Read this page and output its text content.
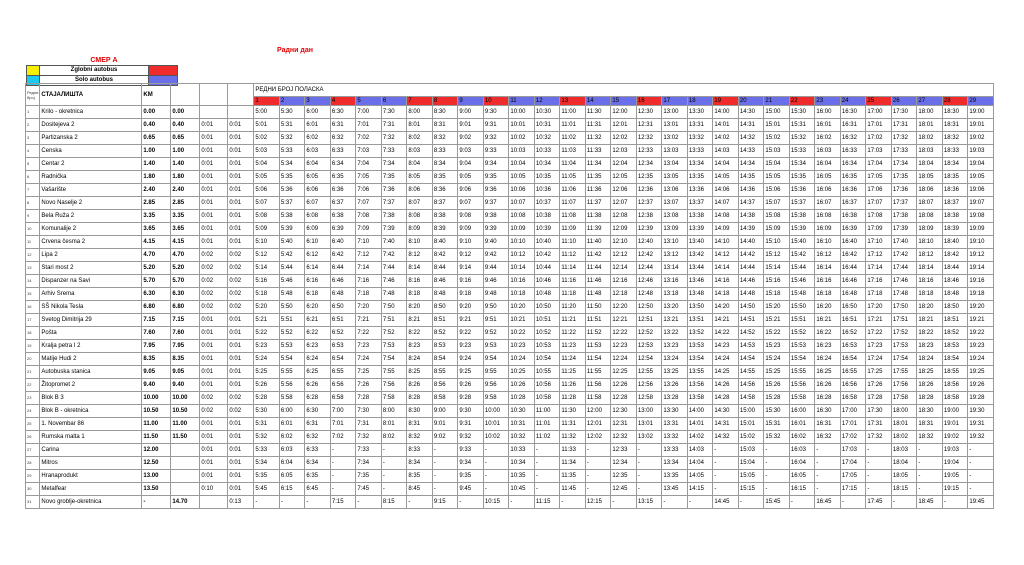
Радни дан
СМЕР А
	Zglobni autobus	
	Solo autobus	
Редни број	СТАЈАЛИШТА	KM				РЕДНИ БРОЈ ПОЛАСКА																												
						1	2	3	4	5	6	7	8	9	10	11	12	13	14	15	16	17	18	19	20	21	22	23	24	25	26	27	28	29
1	Krilo - okretnica	0.00	0.00			5:00	5:30	6:00	6:30	7:00	7:30	8:00	8:30	9:00	9:30	10:00	10:30	11:00	11:30	12:00	12:30	13:00	13:30	14:00	14:30	15:00	15:30	16:00	16:30	17:00	17:30	18:00	18:30	19:00
2	Dositejeva 2	0.40	0.40	0:01	0:01	5:01	5:31	6:01	6:31	7:01	7:31	8:01	8:31	9:01	9:31	10:01	10:31	11:01	11:31	12:01	12:31	13:01	13:31	14:01	14:31	15:01	15:31	16:01	16:31	17:01	17:31	18:01	18:31	19:01
3	Partizanska 2	0.65	0.65	0:01	0:01	5:02	5:32	6:02	6:32	7:02	7:32	8:02	8:32	9:02	9:32	10:02	10:32	11:02	11:32	12:02	12:32	13:02	13:32	14:02	14:32	15:02	15:32	16:02	16:32	17:02	17:32	18:02	18:32	19:02
4	Censka	1.00	1.00	0:01	0:01	5:03	5:33	6:03	6:33	7:03	7:33	8:03	8:33	9:03	9:33	10:03	10:33	11:03	11:33	12:03	12:33	13:03	13:33	14:03	14:33	15:03	15:33	16:03	16:33	17:03	17:33	18:03	18:33	19:03
5	Centar 2	1.40	1.40	0:01	0:01	5:04	5:34	6:04	6:34	7:04	7:34	8:04	8:34	9:04	9:34	10:04	10:34	11:04	11:34	12:04	12:34	13:04	13:34	14:04	14:34	15:04	15:34	16:04	16:34	17:04	17:34	18:04	18:34	19:04
6	Radnička	1.80	1.80	0:01	0:01	5:05	5:35	6:05	6:35	7:05	7:35	8:05	8:35	9:05	9:35	10:05	10:35	11:05	11:35	12:05	12:35	13:05	13:35	14:05	14:35	15:05	15:35	16:05	16:35	17:05	17:35	18:05	18:35	19:05
7	Vašarište	2.40	2.40	0:01	0:01	5:06	5:36	6:06	6:36	7:06	7:36	8:06	8:36	9:06	9:36	10:06	10:36	11:06	11:36	12:06	12:36	13:06	13:36	14:06	14:36	15:06	15:36	16:06	16:36	17:06	17:36	18:06	18:36	19:06
8	Novo Naselje 2	2.85	2.85	0:01	0:01	5:07	5:37	6:07	6:37	7:07	7:37	8:07	8:37	9:07	9:37	10:07	10:37	11:07	11:37	12:07	12:37	13:07	13:37	14:07	14:37	15:07	15:37	16:07	16:37	17:07	17:37	18:07	18:37	19:07
9	Bela Ruža 2	3.35	3.35	0:01	0:01	5:08	5:38	6:08	6:38	7:08	7:38	8:08	8:38	9:08	9:38	10:08	10:38	11:08	11:38	12:08	12:38	13:08	13:38	14:08	14:38	15:08	15:38	16:08	16:38	17:08	17:38	18:08	18:38	19:08
10	Komunalije 2	3.65	3.65	0:01	0:01	5:09	5:39	6:09	6:39	7:09	7:39	8:09	8:39	9:09	9:39	10:09	10:39	11:09	11:39	12:09	12:39	13:09	13:39	14:09	14:39	15:09	15:39	16:09	16:39	17:09	17:39	18:09	18:39	19:09
11	Crvena česma 2	4.15	4.15	0:01	0:01	5:10	5:40	6:10	6:40	7:10	7:40	8:10	8:40	9:10	9:40	10:10	10:40	11:10	11:40	12:10	12:40	13:10	13:40	14:10	14:40	15:10	15:40	16:10	16:40	17:10	17:40	18:10	18:40	19:10
12	Lipa 2	4.70	4.70	0:02	0:02	5:12	5:42	6:12	6:42	7:12	7:42	8:12	8:42	9:12	9:42	10:12	10:42	11:12	11:42	12:12	12:42	13:12	13:42	14:12	14:42	15:12	15:42	16:12	16:42	17:12	17:42	18:12	18:42	19:12
13	Stari most 2	5.20	5.20	0:02	0:02	5:14	5:44	6:14	6:44	7:14	7:44	8:14	8:44	9:14	9:44	10:14	10:44	11:14	11:44	12:14	12:44	13:14	13:44	14:14	14:44	15:14	15:44	16:14	16:44	17:14	17:44	18:14	18:44	19:14
14	Dispanzer na Savi	5.70	5.70	0:02	0:02	5:16	5:46	6:16	6:46	7:16	7:46	8:16	8:46	9:16	9:46	10:16	10:46	11:16	11:46	12:16	12:46	13:16	13:46	14:16	14:46	15:16	15:46	16:16	16:46	17:16	17:46	18:16	18:46	19:16
15	Arhiv Srema	6.30	6.30	0:02	0:02	5:18	5:48	6:18	6:48	7:18	7:48	8:18	8:48	9:18	9:48	10:18	10:48	11:18	11:48	12:18	12:48	13:18	13:48	14:18	14:48	15:18	15:48	16:18	16:48	17:18	17:48	18:18	18:48	19:18
16	SŠ Nikola Tesla	6.80	6.80	0:02	0:02	5:20	5:50	6:20	6:50	7:20	7:50	8:20	8:50	9:20	9:50	10:20	10:50	11:20	11:50	12:20	12:50	13:20	13:50	14:20	14:50	15:20	15:50	16:20	16:50	17:20	17:50	18:20	18:50	19:20
17	Svetog Dimitrija 29	7.15	7.15	0:01	0:01	5:21	5:51	6:21	6:51	7:21	7:51	8:21	8:51	9:21	9:51	10:21	10:51	11:21	11:51	12:21	12:51	13:21	13:51	14:21	14:51	15:21	15:51	16:21	16:51	17:21	17:51	18:21	18:51	19:21
18	Pošta	7.60	7.60	0:01	0:01	5:22	5:52	6:22	6:52	7:22	7:52	8:22	8:52	9:22	9:52	10:22	10:52	11:22	11:52	12:22	12:52	13:22	13:52	14:22	14:52	15:22	15:52	16:22	16:52	17:22	17:52	18:22	18:52	19:22
19	Kralja petra I 2	7.95	7.95	0:01	0:01	5:23	5:53	6:23	6:53	7:23	7:53	8:23	8:53	9:23	9:53	10:23	10:53	11:23	11:53	12:23	12:53	13:23	13:53	14:23	14:53	15:23	15:53	16:23	16:53	17:23	17:53	18:23	18:53	19:23
20	Matije Hudi 2	8.35	8.35	0:01	0:01	5:24	5:54	6:24	6:54	7:24	7:54	8:24	8:54	9:24	9:54	10:24	10:54	11:24	11:54	12:24	12:54	13:24	13:54	14:24	14:54	15:24	15:54	16:24	16:54	17:24	17:54	18:24	18:54	19:24
21	Autobuska stanica	9.05	9.05	0:01	0:01	5:25	5:55	6:25	6:55	7:25	7:55	8:25	8:55	9:25	9:55	10:25	10:55	11:25	11:55	12:25	12:55	13:25	13:55	14:25	14:55	15:25	15:55	16:25	16:55	17:25	17:55	18:25	18:55	19:25
22	Žitopromet 2	9.40	9.40	0:01	0:01	5:26	5:56	6:26	6:56	7:26	7:56	8:26	8:56	9:26	9:56	10:26	10:56	11:26	11:56	12:26	12:56	13:26	13:56	14:26	14:56	15:26	15:56	16:26	16:56	17:26	17:56	18:26	18:56	19:26
23	Blok B 3	10.00	10.00	0:02	0:02	5:28	5:58	6:28	6:58	7:28	7:58	8:28	8:58	9:28	9:58	10:28	10:58	11:28	11:58	12:28	12:58	13:28	13:58	14:28	14:58	15:28	15:58	16:28	16:58	17:28	17:58	18:28	18:58	19:28
24	Blok B - okretnica	10.50	10.50	0:02	0:02	5:30	6:00	6:30	7:00	7:30	8:00	8:30	9:00	9:30	10:00	10:30	11:00	11:30	12:00	12:30	13:00	13:30	14:00	14:30	15:00	15:30	16:00	16:30	17:00	17:30	18:00	18:30	19:00	19:30
25	1. Novembar 86	11.00	11.00	0:01	0:01	5:31	6:01	6:31	7:01	7:31	8:01	8:31	9:01	9:31	10:01	10:31	11:01	11:31	12:01	12:31	13:01	13:31	14:01	14:31	15:01	15:31	16:01	16:31	17:01	17:31	18:01	18:31	19:01	19:31
26	Rumska malta 1	11.50	11.50	0:01	0:01	5:32	6:02	6:32	7:02	7:32	8:02	8:32	9:02	9:32	10:02	10:32	11:02	11:32	12:02	12:32	13:02	13:32	14:02	14:32	15:02	15:32	16:02	16:32	17:02	17:32	18:02	18:32	19:02	19:32
27	Carina	12.00		0:01	0:01	5:33	6:03	6:33	-	7:33	-	8:33	-	9:33	-	10:33	-	11:33	-	12:33	-	13:33	14:03	-	15:03	-	16:03	-	17:03	-	18:03	-	19:03	-
28	Mitros	12.50		0:01	0:01	5:34	6:04	6:34	-	7:34	-	8:34	-	9:34	-	10:34	-	11:34	-	12:34	-	13:34	14:04	-	15:04	-	16:04	-	17:04	-	18:04	-	19:04	-
29	Hranaprodukt	13.00		0:01	0:01	5:35	6:05	6:35	-	7:35	-	8:35	-	9:35	-	10:35	-	11:35	-	12:35	-	13:35	14:05	-	15:05	-	16:05	-	17:05	-	18:05	-	19:05	-
30	Metalfear	13.50		0:10	0:01	5:45	6:15	6:45	-	7:45	-	8:45	-	9:45	-	10:45	-	11:45	-	12:45	-	13:45	14:15	-	15:15	-	16:15	-	17:15	-	18:15	-	19:15	-
31	Novo groblje-okretnica	-	14.70		0:13	-	-	-	7:15	-	8:15	-	9:15	-	10:15	-	11:15	-	12:15	-	13:15	-	-	14:45	-	15:45	-	16:45	-	17:45	-	18:45	-	19:45
